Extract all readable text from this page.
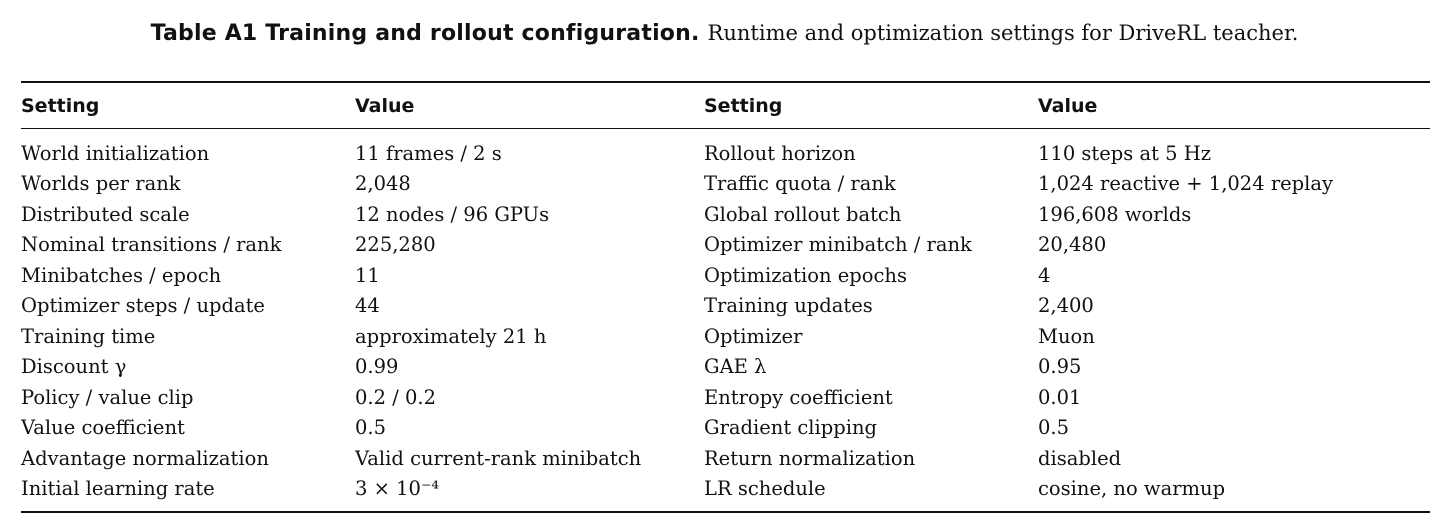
Table A1 Training and rollout configuration. Runtime and optimization settings for DriveRL teacher.
Setting	Value	Setting	Value
World initialization	11 frames / 2 s	Rollout horizon	110 steps at 5 Hz
Worlds per rank	2,048	Traffic quota / rank	1,024 reactive + 1,024 replay
Distributed scale	12 nodes / 96 GPUs	Global rollout batch	196,608 worlds
Nominal transitions / rank	225,280	Optimizer minibatch / rank	20,480
Minibatches / epoch	11	Optimization epochs	4
Optimizer steps / update	44	Training updates	2,400
Training time	approximately 21 h	Optimizer	Muon
Discount γ	0.99	GAE λ	0.95
Policy / value clip	0.2 / 0.2	Entropy coefficient	0.01
Value coefficient	0.5	Gradient clipping	0.5
Advantage normalization	Valid current-rank minibatch	Return normalization	disabled
Initial learning rate	3 × 10⁻⁴	LR schedule	cosine, no warmup
